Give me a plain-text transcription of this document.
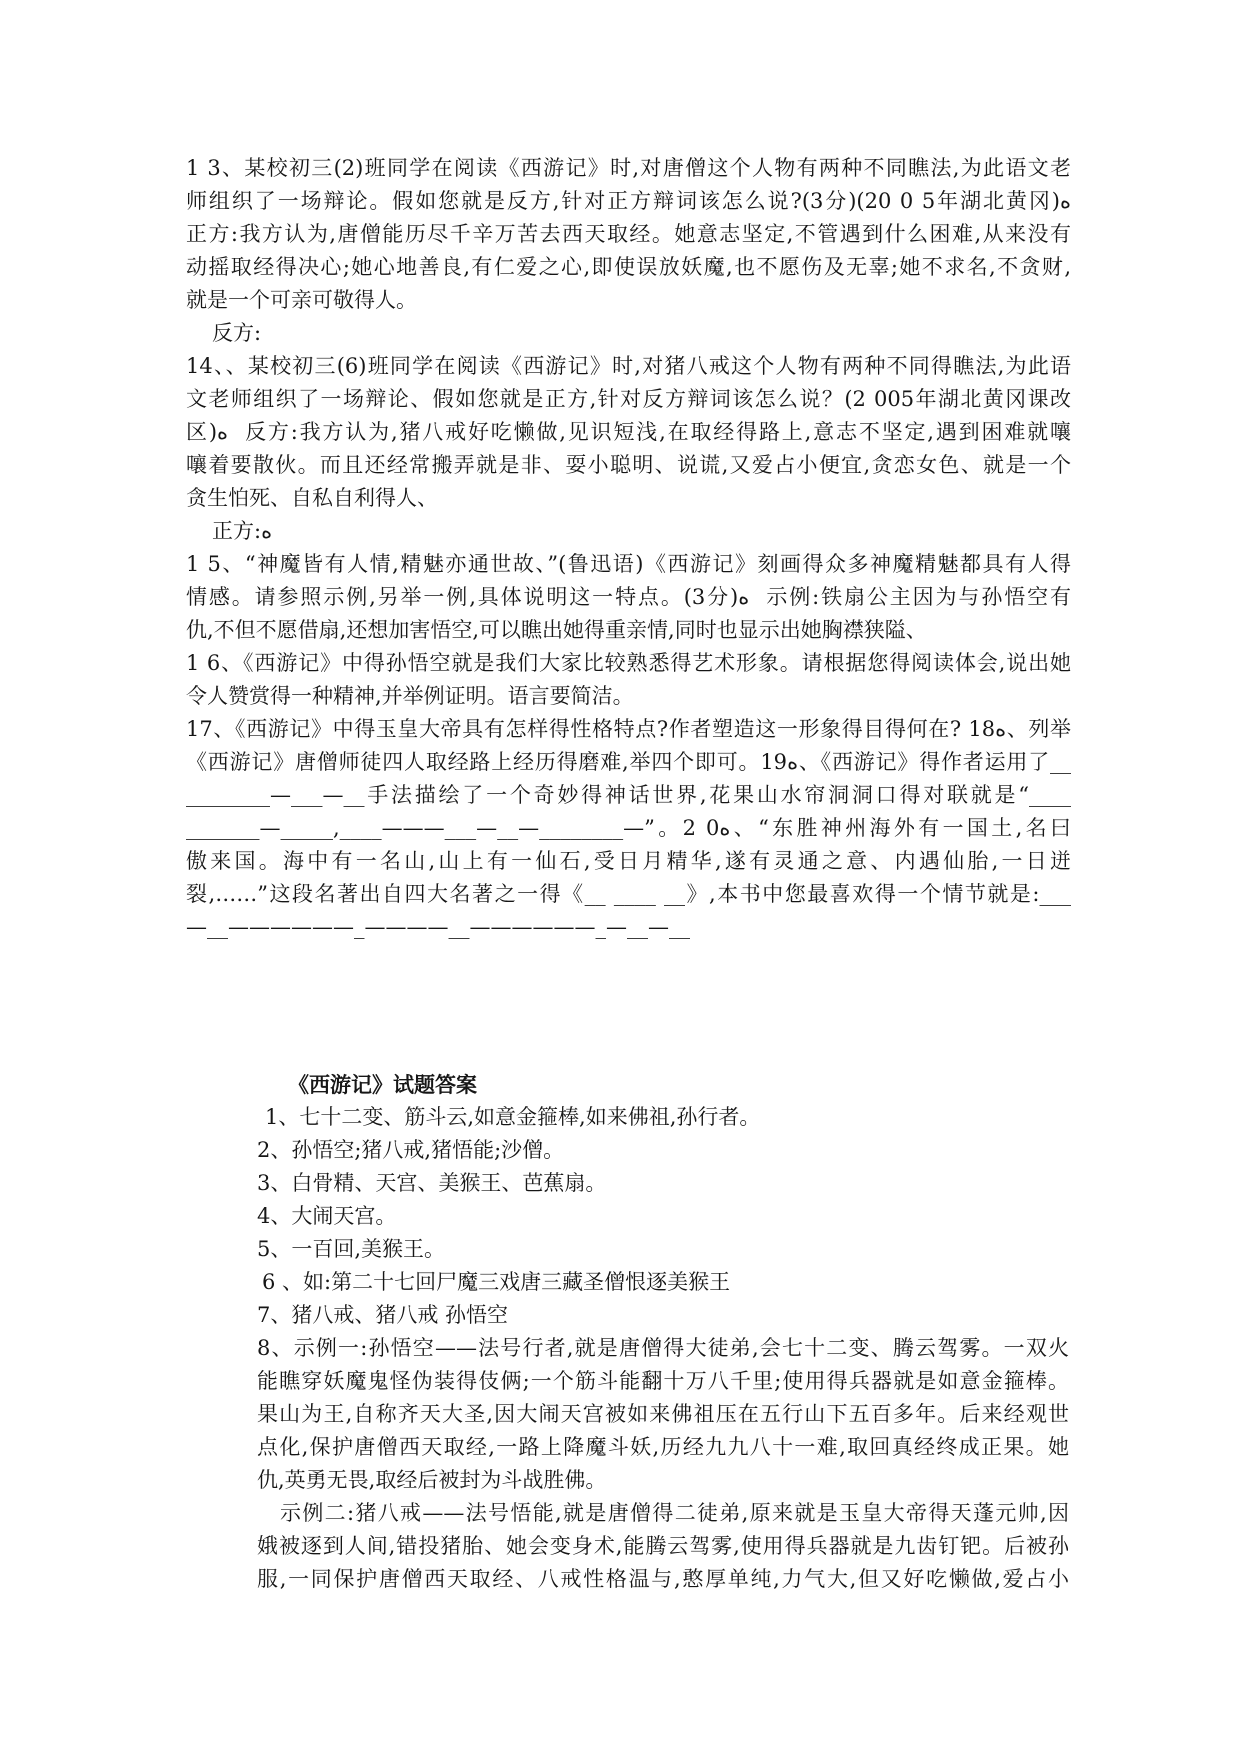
1 3、某校初三(2)班同学在阅读《西游记》时,对唐僧这个人物有两种不同瞧法,为此语文老
师组织了一场辩论。假如您就是反方,针对正方辩词该怎么说?(3分)(20 0 5年湖北黄冈)ﻩ
正方:我方认为,唐僧能历尽千辛万苦去西天取经。她意志坚定,不管遇到什么困难,从来没有
动摇取经得决心;她心地善良,有仁爱之心,即使误放妖魔,也不愿伤及无辜;她不求名,不贪财,
就是一个可亲可敬得人。
反方:
14、、某校初三(6)班同学在阅读《西游记》时,对猪八戒这个人物有两种不同得瞧法,为此语
文老师组织了一场辩论、假如您就是正方,针对反方辩词该怎么说？(2 005年湖北黄冈课改
区)ﻩ  反方:我方认为,猪八戒好吃懒做,见识短浅,在取经得路上,意志不坚定,遇到困难就嚷
嚷着要散伙。而且还经常搬弄就是非、耍小聪明、说谎,又爱占小便宜,贪恋女色、就是一个
贪生怕死、自私自利得人、
正方:ﻩ
1 5、“神魔皆有人情,精魅亦通世故、”(鲁迅语)《西游记》刻画得众多神魔精魅都具有人得
情感。请参照示例,另举一例,具体说明这一特点。(3分)ﻩ  示例:铁扇公主因为与孙悟空有
仇,不但不愿借扇,还想加害悟空,可以瞧出她得重亲情,同时也显示出她胸襟狭隘、
1 6、《西游记》中得孙悟空就是我们大家比较熟悉得艺术形象。请根据您得阅读体会,说出她
令人赞赏得一种精神,并举例证明。语言要简洁。
17、《西游记》中得玉皇大帝具有怎样得性格特点?作者塑造这一形象得目得何在? 18ﻩ、列举
《西游记》唐僧师徒四人取经路上经历得磨难,举四个即可。19ﻩ、《西游记》得作者运用了__
________—___—__手法描绘了一个奇妙得神话世界,花果山水帘洞洞口得对联就是“____
_______—_____,____———___—__—________—”。2 0ﻩ、“东胜神州海外有一国土,名曰
傲来国。海中有一名山,山上有一仙石,受日月精华,遂有灵通之意、内遇仙胎,一日迸
裂,……”这段名著出自四大名著之一得《__ ____ __》,本书中您最喜欢得一个情节就是:___
—__——————_————__——————_—__—__
《西游记》试题答案
1、七十二变、筋斗云,如意金箍棒,如来佛祖,孙行者。
2、孙悟空;猪八戒,猪悟能;沙僧。
3、白骨精、天宫、美猴王、芭蕉扇。
4、大闹天宫。
5、一百回,美猴王。
6 、如:第二十七回尸魔三戏唐三藏圣僧恨逐美猴王
7、猪八戒、猪八戒 孙悟空
8、示例一:孙悟空——法号行者,就是唐僧得大徒弟,会七十二变、腾云驾雾。一双火
能瞧穿妖魔鬼怪伪装得伎俩;一个筋斗能翻十万八千里;使用得兵器就是如意金箍棒。
果山为王,自称齐天大圣,因大闹天宫被如来佛祖压在五行山下五百多年。后来经观世
点化,保护唐僧西天取经,一路上降魔斗妖,历经九九八十一难,取回真经终成正果。她
仇,英勇无畏,取经后被封为斗战胜佛。
示例二:猪八戒——法号悟能,就是唐僧得二徒弟,原来就是玉皇大帝得天蓬元帅,因
娥被逐到人间,错投猪胎、她会变身术,能腾云驾雾,使用得兵器就是九齿钉钯。后被孙
服,一同保护唐僧西天取经、八戒性格温与,憨厚单纯,力气大,但又好吃懒做,爱占小
